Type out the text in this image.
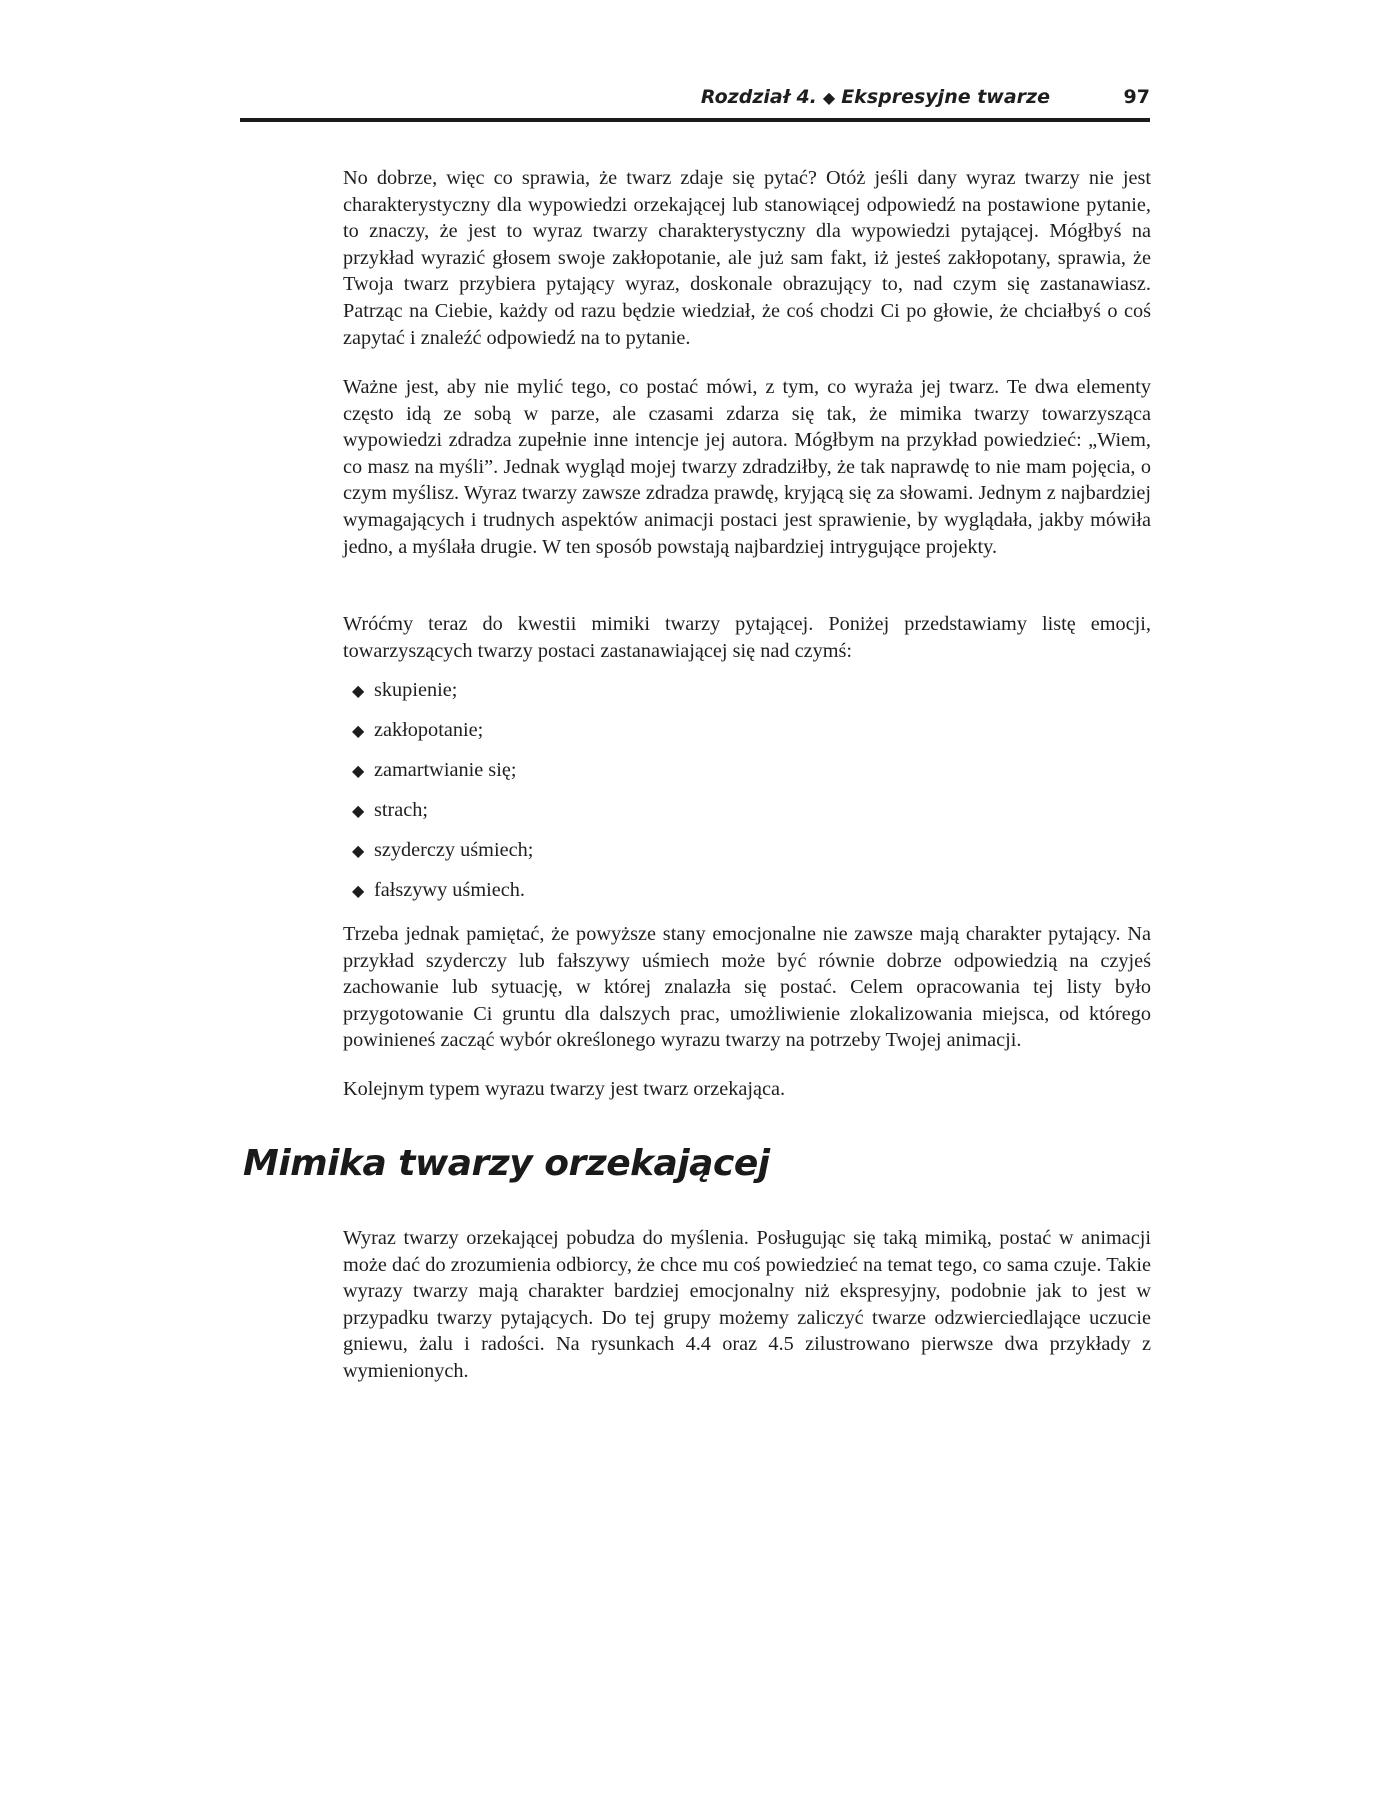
Rozdział 4. ◆ Ekspresyjne twarze	97

No dobrze, więc co sprawia, że twarz zdaje się pytać? Otóż jeśli dany wyraz twarzy nie jest charakterystyczny dla wypowiedzi orzekającej lub stanowiącej odpowiedź na postawione pytanie, to znaczy, że jest to wyraz twarzy charakterystyczny dla wypowiedzi pytającej. Mógłbyś na przykład wyrazić głosem swoje zakłopotanie, ale już sam fakt, iż jesteś zakłopotany, sprawia, że Twoja twarz przybiera pytający wyraz, doskonale obrazujący to, nad czym się zastanawiasz. Patrząc na Ciebie, każdy od razu będzie wiedział, że coś chodzi Ci po głowie, że chciałbyś o coś zapytać i znaleźć odpowiedź na to pytanie.

Ważne jest, aby nie mylić tego, co postać mówi, z tym, co wyraża jej twarz. Te dwa elementy często idą ze sobą w parze, ale czasami zdarza się tak, że mimika twarzy towarzysząca wypowiedzi zdradza zupełnie inne intencje jej autora. Mógłbym na przykład powiedzieć: „Wiem, co masz na myśli”. Jednak wygląd mojej twarzy zdradziłby, że tak naprawdę to nie mam pojęcia, o czym myślisz. Wyraz twarzy zawsze zdradza prawdę, kryjącą się za słowami. Jednym z najbardziej wymagających i trudnych aspektów animacji postaci jest sprawienie, by wyglądała, jakby mówiła jedno, a myślała drugie. W ten sposób powstają najbardziej intrygujące projekty.

Wróćmy teraz do kwestii mimiki twarzy pytającej. Poniżej przedstawiamy listę emocji, towarzyszących twarzy postaci zastanawiającej się nad czymś:

◆ skupienie;
◆ zakłopotanie;
◆ zamartwianie się;
◆ strach;
◆ szyderczy uśmiech;
◆ fałszywy uśmiech.

Trzeba jednak pamiętać, że powyższe stany emocjonalne nie zawsze mają charakter pytający. Na przykład szyderczy lub fałszywy uśmiech może być równie dobrze odpowiedzią na czyjeś zachowanie lub sytuację, w której znalazła się postać. Celem opracowania tej listy było przygotowanie Ci gruntu dla dalszych prac, umożliwienie zlokalizowania miejsca, od którego powinieneś zacząć wybór określonego wyrazu twarzy na potrzeby Twojej animacji.

Kolejnym typem wyrazu twarzy jest twarz orzekająca.

Mimika twarzy orzekającej

Wyraz twarzy orzekającej pobudza do myślenia. Posługując się taką mimiką, postać w animacji może dać do zrozumienia odbiorcy, że chce mu coś powiedzieć na temat tego, co sama czuje. Takie wyrazy twarzy mają charakter bardziej emocjonalny niż ekspresyjny, podobnie jak to jest w przypadku twarzy pytających. Do tej grupy możemy zaliczyć twarze odzwierciedlające uczucie gniewu, żalu i radości. Na rysunkach 4.4 oraz 4.5 zilustrowano pierwsze dwa przykłady z wymienionych.
